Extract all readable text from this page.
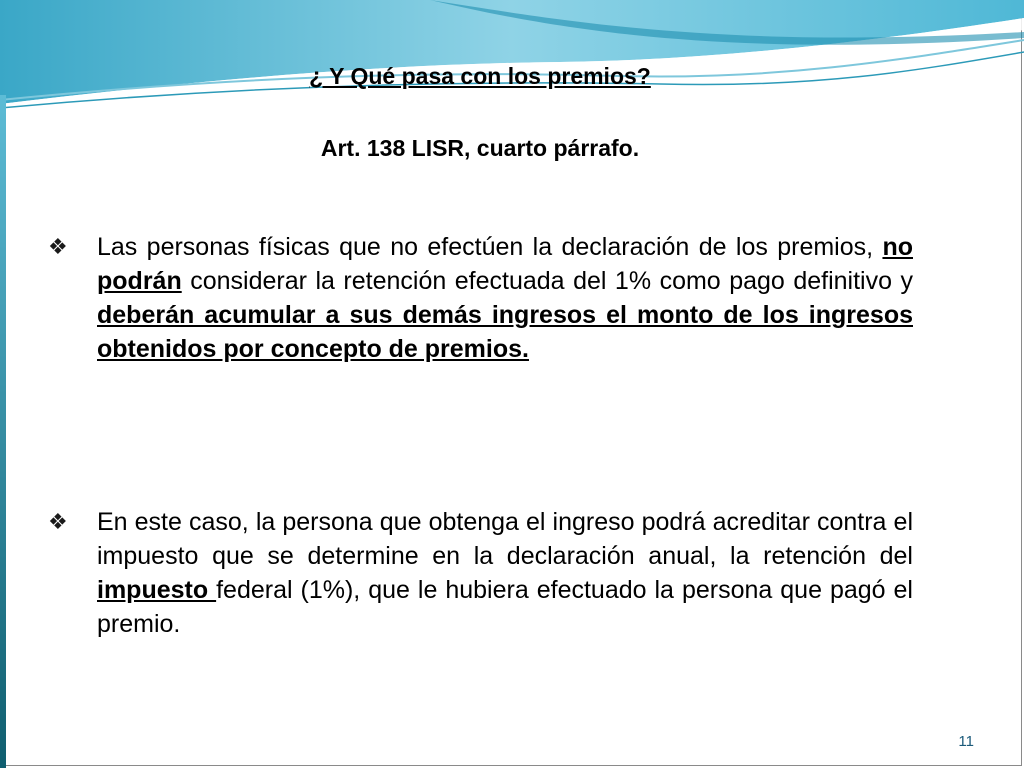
¿ Y Qué pasa con los premios?
Art. 138 LISR, cuarto párrafo.
❖	Las personas físicas que no efectúen la declaración de los premios, no podrán considerar la retención efectuada del 1% como pago definitivo y deberán acumular a sus demás ingresos el monto de los ingresos obtenidos por concepto de premios.
❖	En este caso, la persona que obtenga el ingreso podrá acreditar contra el impuesto que se determine en la declaración anual, la retención del impuesto federal (1%), que le hubiera efectuado la persona que pagó el premio.
11
